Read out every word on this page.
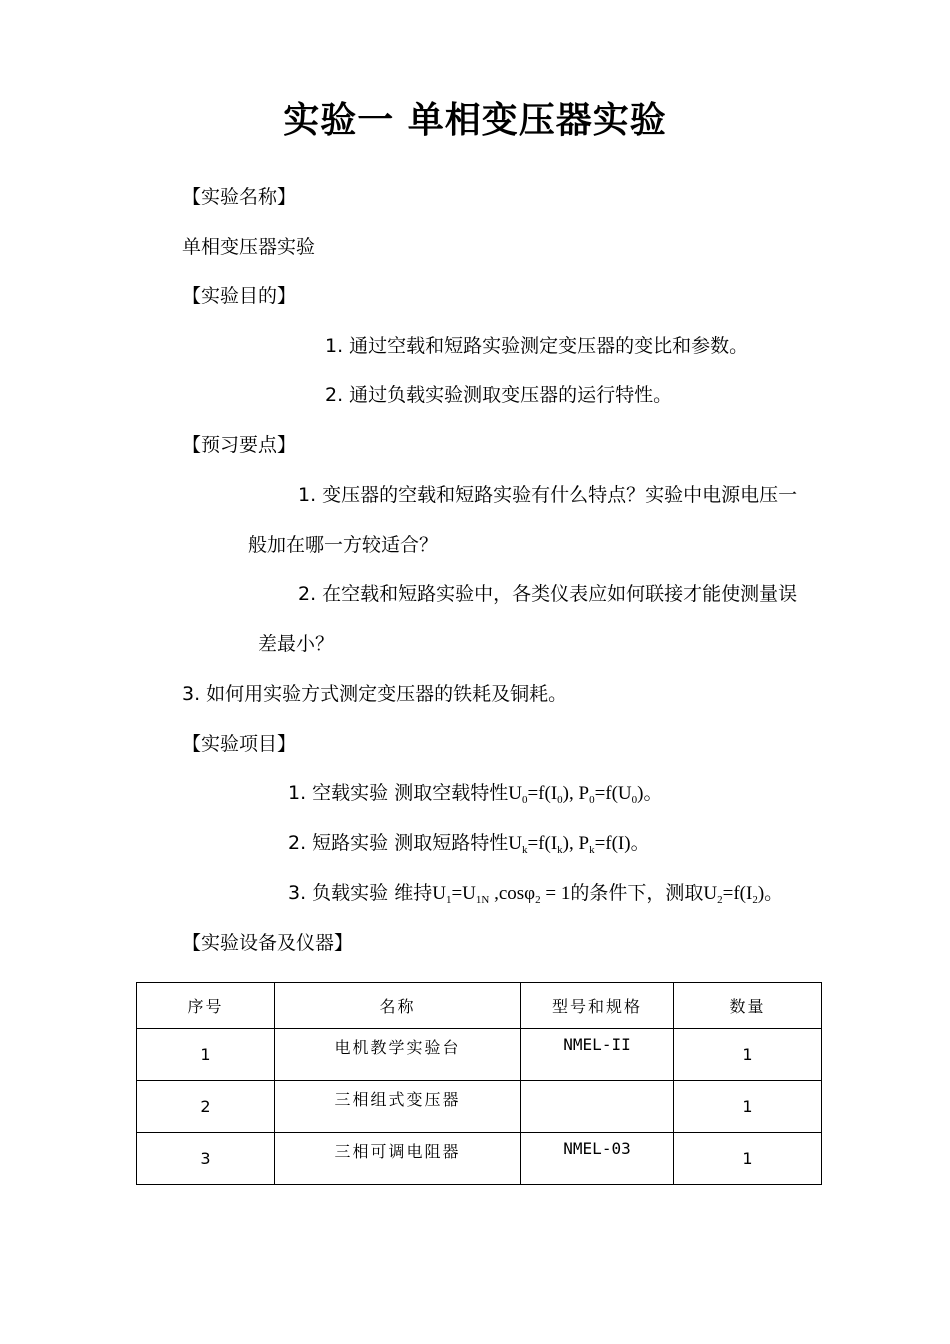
实验一 单相变压器实验
【实验名称】
单相变压器实验
【实验目的】
1. 通过空载和短路实验测定变压器的变比和参数。
2. 通过负载实验测取变压器的运行特性。
【预习要点】
1. 变压器的空载和短路实验有什么特点？实验中电源电压一
般加在哪一方较适合？
2. 在空载和短路实验中，各类仪表应如何联接才能使测量误
差最小？
3. 如何用实验方式测定变压器的铁耗及铜耗。
【实验项目】
1. 空载实验 测取空载特性$U_0=f(I_0)$, $P_0=f(U_0)$。
2. 短路实验 测取短路特性$U_k=f(I_k)$, $P_k=f(I)$。
3. 负载实验 维持$U_1=U_{1N}$ ,cosφ$_2$ = 1的条件下，测取$U_2=f(I_2)$。
【实验设备及仪器】
序号	名称	型号和规格	数量
1	电机教学实验台	NMEL-II	1
2	三相组式变压器		1
3	三相可调电阻器	NMEL-03	1
